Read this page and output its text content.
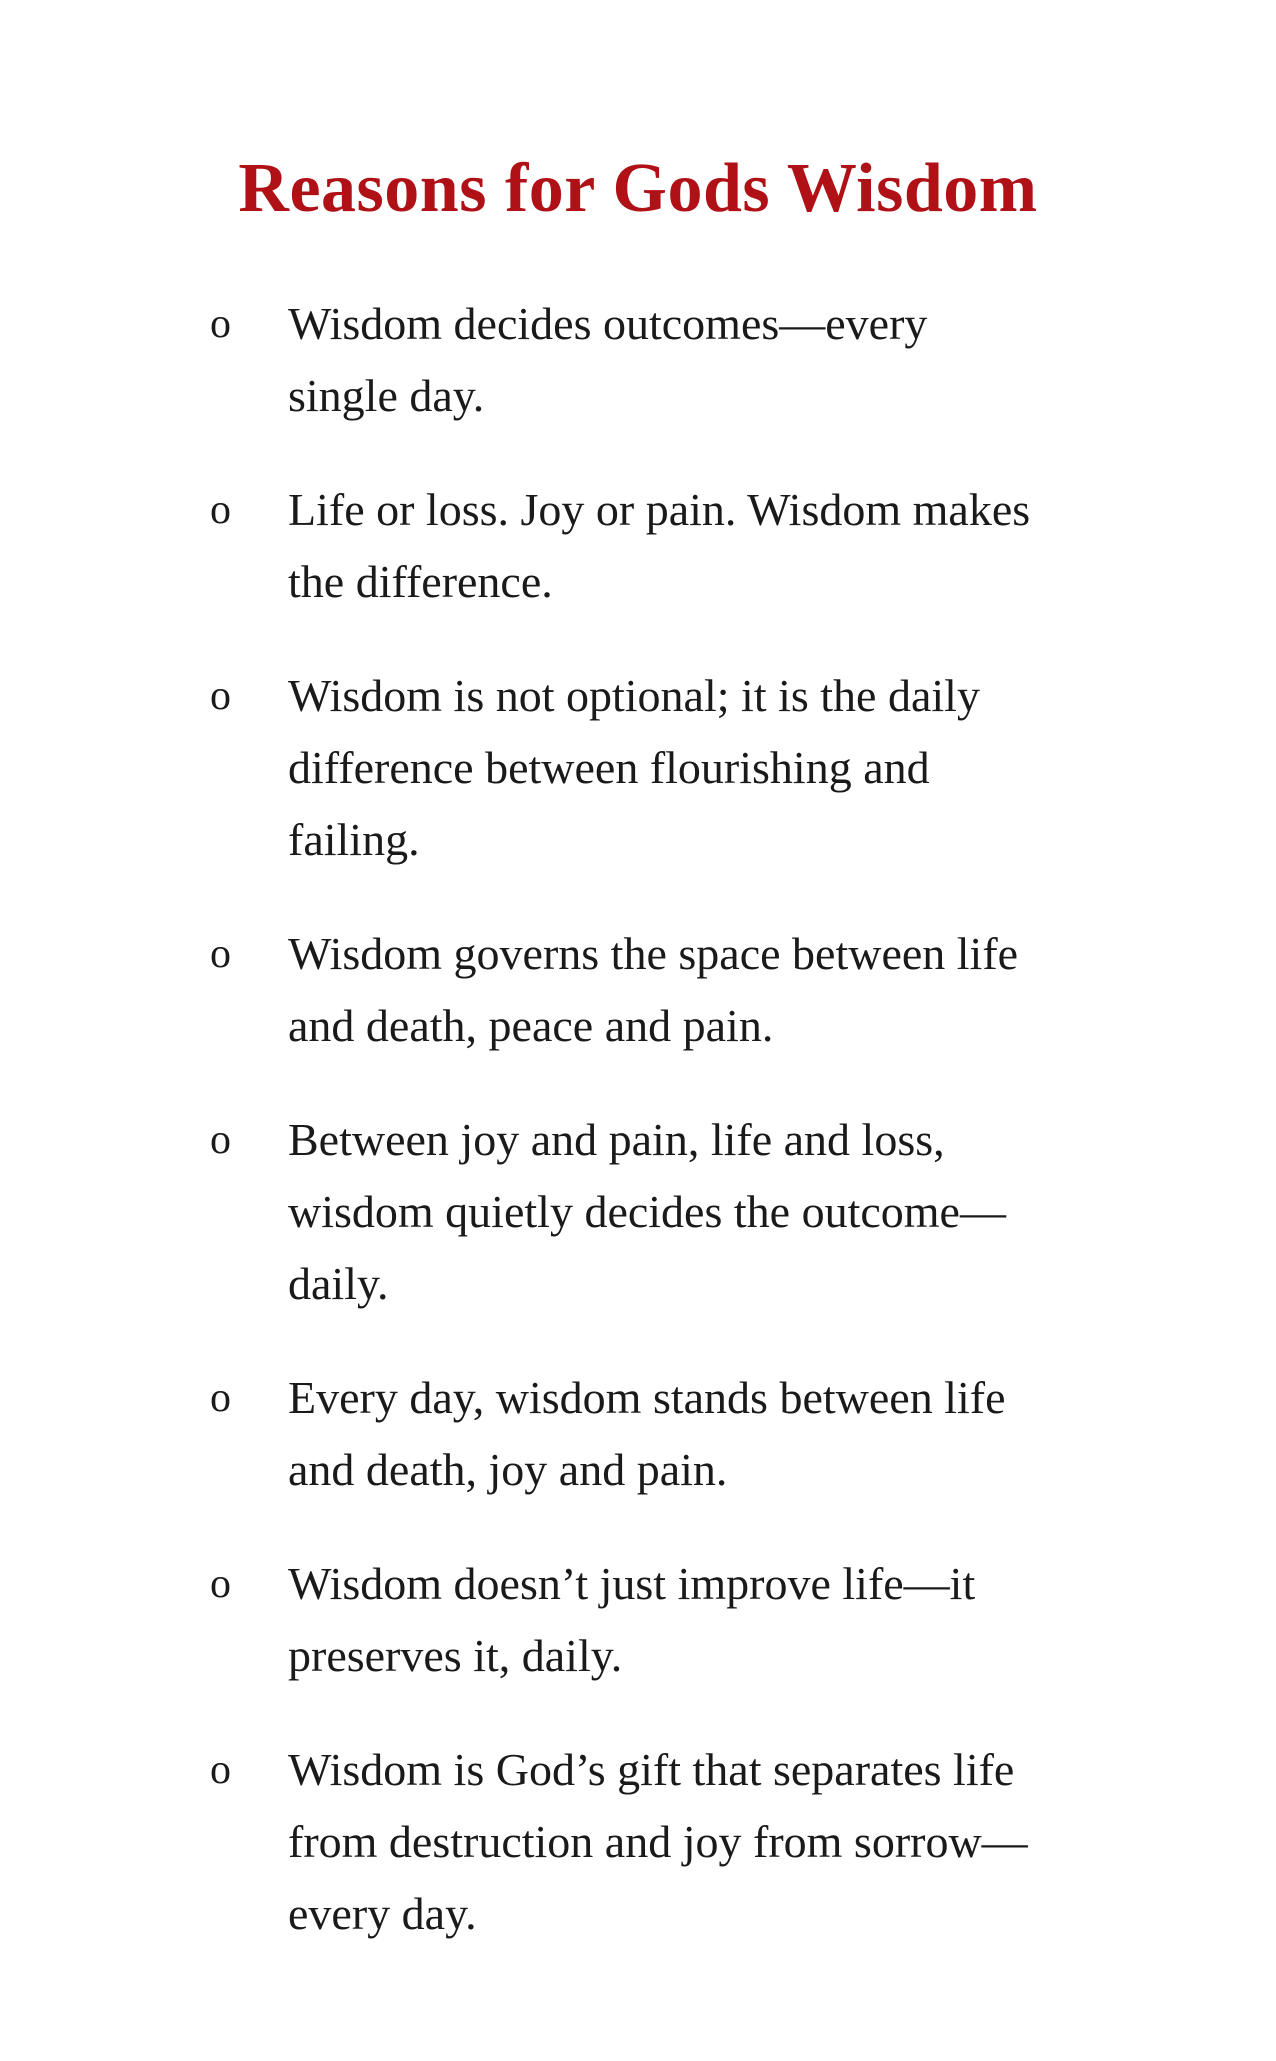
Reasons for Gods Wisdom
o Wisdom decides outcomes—every
single day.
o Life or loss. Joy or pain. Wisdom makes
the difference.
o Wisdom is not optional; it is the daily
difference between flourishing and
failing.
o Wisdom governs the space between life
and death, peace and pain.
o Between joy and pain, life and loss,
wisdom quietly decides the outcome—
daily.
o Every day, wisdom stands between life
and death, joy and pain.
o Wisdom doesn’t just improve life—it
preserves it, daily.
o Wisdom is God’s gift that separates life
from destruction and joy from sorrow—
every day.
